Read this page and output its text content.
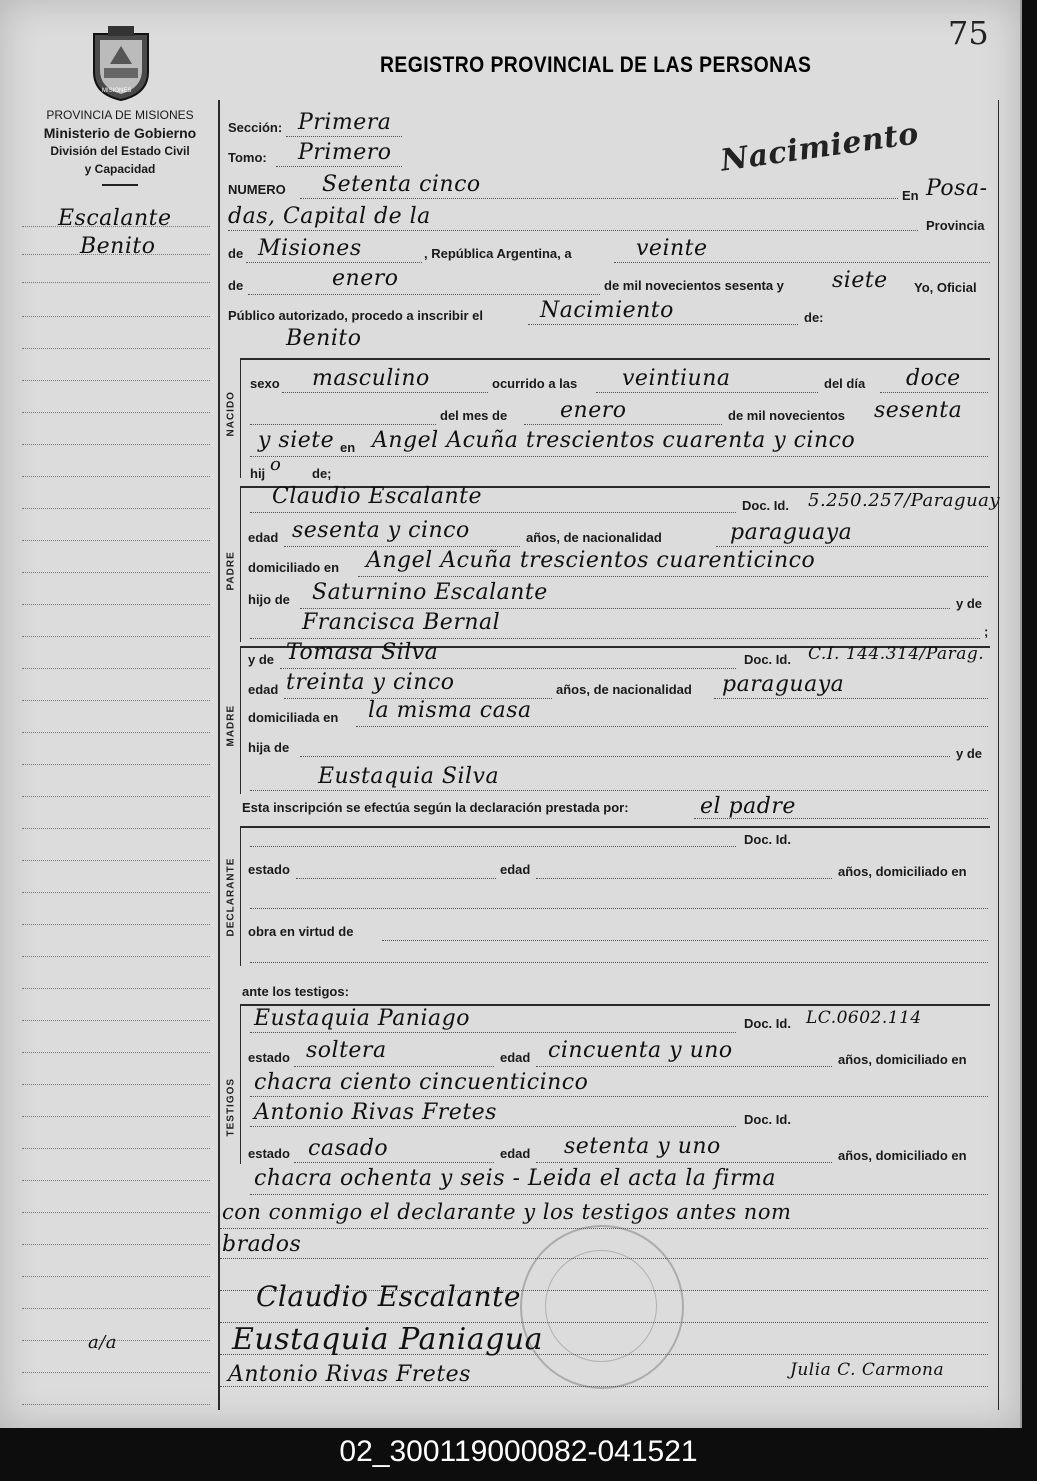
75
REGISTRO PROVINCIAL DE LAS PERSONAS
MISIONES
PROVINCIA DE MISIONES
Ministerio de Gobierno
División del Estado Civil
y Capacidad
Escalante
Benito
Sección: Primera
Tomo: Primero	Nacimiento
NUMERO Setenta cinco	En Posa-
das, Capital de la	Provincia
de Misiones	, República Argentina, a	veinte
de	enero	de mil novecientos sesenta y siete Yo, Oficial
Público autorizado, procedo a inscribir el	Nacimiento	de:
NACIDO
Benito
sexo masculino	ocurrido a las veintiuna	del día doce
del mes de enero	de mil novecientos sesenta
y siete en Angel Acuña trescientos cuarenta y cinco
hij o de;
PADRE
Claudio Escalante	Doc. Id. 5.250.257/Paraguay
edad sesenta y cinco	años, de nacionalidad	paraguaya
domiciliado en Angel Acuña trescientos cuarenticinco
hijo de Saturnino Escalante	y de
Francisca Bernal	;
MADRE
y de Tomasa Silva	Doc. Id. C.I. 144.314/Parag.
edad treinta y cinco	años, de nacionalidad paraguaya
domiciliada en la misma casa
hija de	y de
Eustaquia Silva
Esta inscripción se efectúa según la declaración prestada por:	el padre
DECLARANTE
Doc. Id.
estado	edad	años, domiciliado en
obra en virtud de
ante los testigos:
TESTIGOS
Eustaquia Paniago	Doc. Id. LC.0602.114
estado soltera	edad cincuenta y uno	años, domiciliado en
chacra ciento cincuenticinco
Antonio Rivas Fretes	Doc. Id.
estado casado	edad setenta y uno	años, domiciliado en
chacra ochenta y seis - Leida el acta la firma
con conmigo el declarante y los testigos antes nom
brados
Claudio Escalante
a/a	Eustaquia Paniagua
Antonio Rivas Fretes	Julia C. Carmona
02_300119000082-041521
